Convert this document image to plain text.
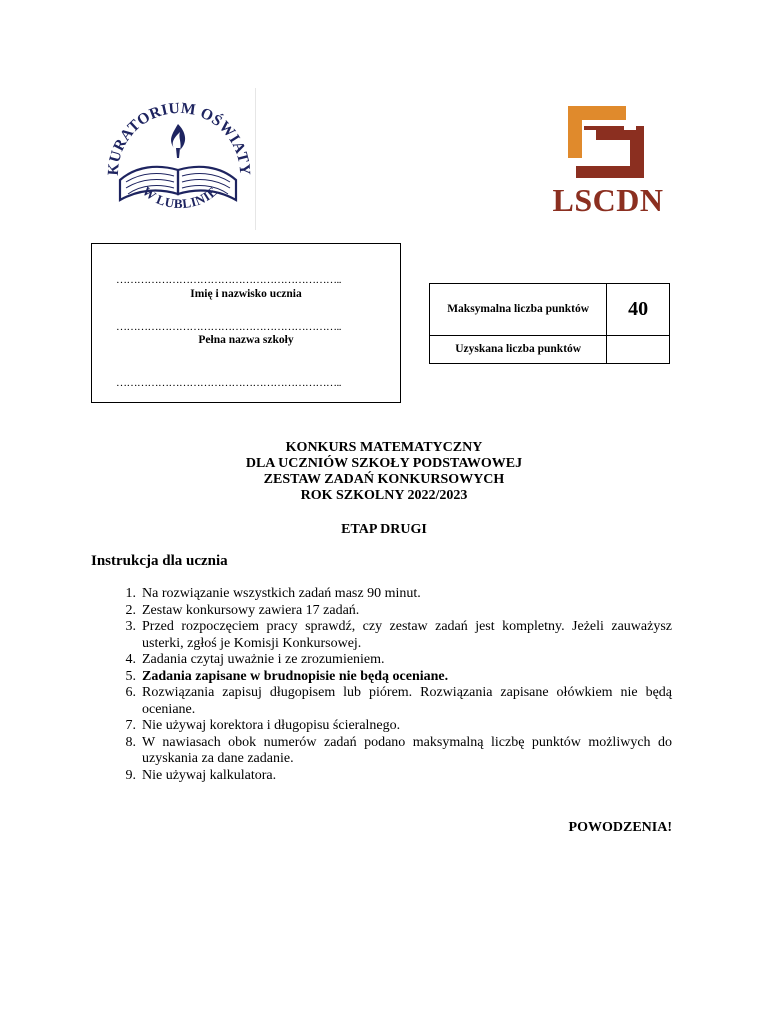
KURATORIUM OŚWIATY
W LUBLINIE	LSCDN
………………………………………………………..
Imię i nazwisko ucznia
………………………………………………………..
Pełna nazwa szkoły
………………………………………………………..
Maksymalna liczba punktów	40
Uzyskana liczba punktów	
KONKURS MATEMATYCZNY
DLA UCZNIÓW SZKOŁY PODSTAWOWEJ
ZESTAW ZADAŃ KONKURSOWYCH
ROK SZKOLNY 2022/2023
ETAP DRUGI
Instrukcja dla ucznia
1. Na rozwiązanie wszystkich zadań masz 90 minut.
2. Zestaw konkursowy zawiera 17 zadań.
3. Przed rozpoczęciem pracy sprawdź, czy zestaw zadań jest kompletny. Jeżeli zauważysz usterki, zgłoś je Komisji Konkursowej.
4. Zadania czytaj uważnie i ze zrozumieniem.
5. Zadania zapisane w brudnopisie nie będą oceniane.
6. Rozwiązania zapisuj długopisem lub piórem. Rozwiązania zapisane ołówkiem nie będą oceniane.
7. Nie używaj korektora i długopisu ścieralnego.
8. W nawiasach obok numerów zadań podano maksymalną liczbę punktów możliwych do uzyskania za dane zadanie.
9. Nie używaj kalkulatora.
POWODZENIA!
